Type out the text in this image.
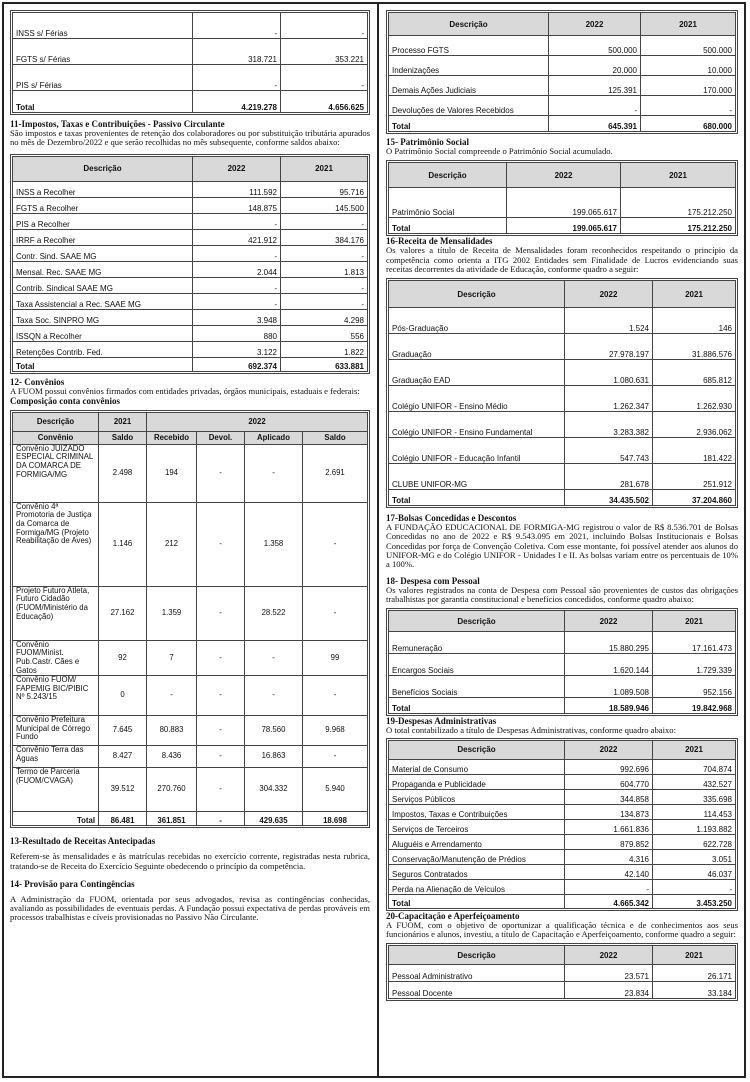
INSS s/ Férias	-	-
FGTS s/ Férias	318.721	353.221
PIS s/ Férias	-	-
Total	4.219.278	4.656.625

11-Impostos, Taxas e Contribuições - Passivo Circulante

São impostos e taxas provenientes de retenção dos colaboradores ou por substituição tributária apurados no mês de Dezembro/2022 e que serão recolhidas no mês subsequente, conforme saldos abaixo:

Descrição	2022	2021
INSS a Recolher	111.592	95.716
FGTS a Recolher	148.875	145.500
PIS a Recolher	-	-
IRRF a Recolher	421.912	384.176
Contr. Sind. SAAE MG	-	-
Mensal. Rec. SAAE MG	2.044	1.813
Contrib. Sindical SAAE MG	-	-
Taxa Assistencial a Rec. SAAE MG	-	-
Taxa Soc. SINPRO MG	3.948	4.298
ISSQN a Recolher	880	556
Retenções Contrib. Fed.	3.122	1.822
Total	692.374	633.881

12- Convênios

A FUOM possui convênios firmados com entidades privadas, órgãos municipais, estaduais e federais:

Composição conta convênios

Descrição	2021	2022			
Convênio	Saldo	Recebido	Devol.	Aplicado	Saldo
Convênio JUIZADO ESPECIAL CRIMINAL DA COMARCA DE FORMIGA/MG	2.498	194	-	-	2.691
Convênio 4ª Promotoria de Justiça da Comarca de Formiga/MG (Projeto Reabilitação de Aves)	1.146	212	-	1.358	-
Projeto Futuro Atleta, Futuro Cidadão (FUOM/Ministério da Educação)	27.162	1.359	-	28.522	-
Convênio FUOM/Minist. Pub.Castr. Cães e Gatos	92	7	-	-	99
Convênio FUOM/ FAPEMIG BIC/PIBIC Nº 5.243/15	0	-	-	-	-
Convênio Prefeitura Municipal de Córrego Fundo	7.645	80.883	-	78.560	9.968
Convênio Terra das Águas	8.427	8.436	-	16.863	-
Termo de Parceria (FUOM/CVAGA)	39.512	270.760	-	304.332	5.940
Total	86.481	361.851	-	429.635	18.698

13-Resultado de Receitas Antecipadas

Referem-se às mensalidades e às matrículas recebidas no exercício corrente, registradas nesta rubrica, tratando-se de Receita do Exercício Seguinte obedecendo o princípio da competência.

14- Provisão para Contingências

A Administração da FUOM, orientada por seus advogados, revisa as contingências conhecidas, avaliando as possibilidades de eventuais perdas. A Fundação possui expectativa de perdas prováveis em processos trabalhistas e cíveis provisionadas no Passivo Não Circulante.

Descrição	2022	2021
Processo FGTS	500.000	500.000
Indenizações	20.000	10.000
Demais Ações Judiciais	125.391	170.000
Devoluções de Valores Recebidos	-	-
Total	645.391	680.000

15- Patrimônio Social

O Patrimônio Social compreende o Patrimônio Social acumulado.

Descrição	2022	2021
Patrimônio Social	199.065.617	175.212.250
Total	199.065.617	175.212.250

16-Receita de Mensalidades

Os valores a título de Receita de Mensalidades foram reconhecidos respeitando o princípio da competência como orienta a ITG 2002 Entidades sem Finalidade de Lucros evidenciando suas receitas decorrentes da atividade de Educação, conforme quadro a seguir:

Descrição	2022	2021
Pós-Graduação	1.524	146
Graduação	27.978.197	31.886.576
Graduação EAD	1.080.631	685.812
Colégio UNIFOR - Ensino Médio	1.262.347	1.262.930
Colégio UNIFOR - Ensino Fundamental	3.283.382	2.936.062
Colégio UNIFOR - Educação Infantil	547.743	181.422
CLUBE UNIFOR-MG	281.678	251.912
Total	34.435.502	37.204.860

17-Bolsas Concedidas e Descontos

A FUNDAÇÃO EDUCACIONAL DE FORMIGA-MG registrou o valor de R$ 8.536.701 de Bolsas Concedidas no ano de 2022 e R$ 9.543.095 em 2021, incluindo Bolsas Institucionais e Bolsas Concedidas por força de Convenção Coletiva. Com esse montante, foi possível atender aos alunos do UNIFOR-MG e do Colégio UNIFOR - Unidades I e II. As bolsas variam entre os percentuais de 10% a 100%.

18- Despesa com Pessoal

Os valores registrados na conta de Despesa com Pessoal são provenientes de custos das obrigações trabalhistas por garantia constitucional e benefícios concedidos, conforme quadro abaixo:

Descrição	2022	2021
Remuneração	15.880.295	17.161.473
Encargos Sociais	1.620.144	1.729.339
Benefícios Sociais	1.089.508	952.156
Total	18.589.946	19.842.968

19-Despesas Administrativas

O total contabilizado a título de Despesas Administrativas, conforme quadro abaixo:

Descrição	2022	2021
Material de Consumo	992.696	704.874
Propaganda e Publicidade	604.770	432.527
Serviços Públicos	344.858	335.698
Impostos, Taxas e Contribuições	134.873	114.453
Serviços de Terceiros	1.661.836	1.193.882
Aluguéis e Arrendamento	879.852	622.728
Conservação/Manutenção de Prédios	4.316	3.051
Seguros Contratados	42.140	46.037
Perda na Alienação de Veículos	-	-
Total	4.665.342	3.453.250

20-Capacitação e Aperfeiçoamento

A FUOM, com o objetivo de oportunizar a qualificação técnica e de conhecimentos aos seus funcionários e alunos, investiu, a título de Capacitação e Aperfeiçoamento, conforme quadro a seguir:

Descrição	2022	2021
Pessoal Administrativo	23.571	26.171
Pessoal Docente	23.834	33.184
